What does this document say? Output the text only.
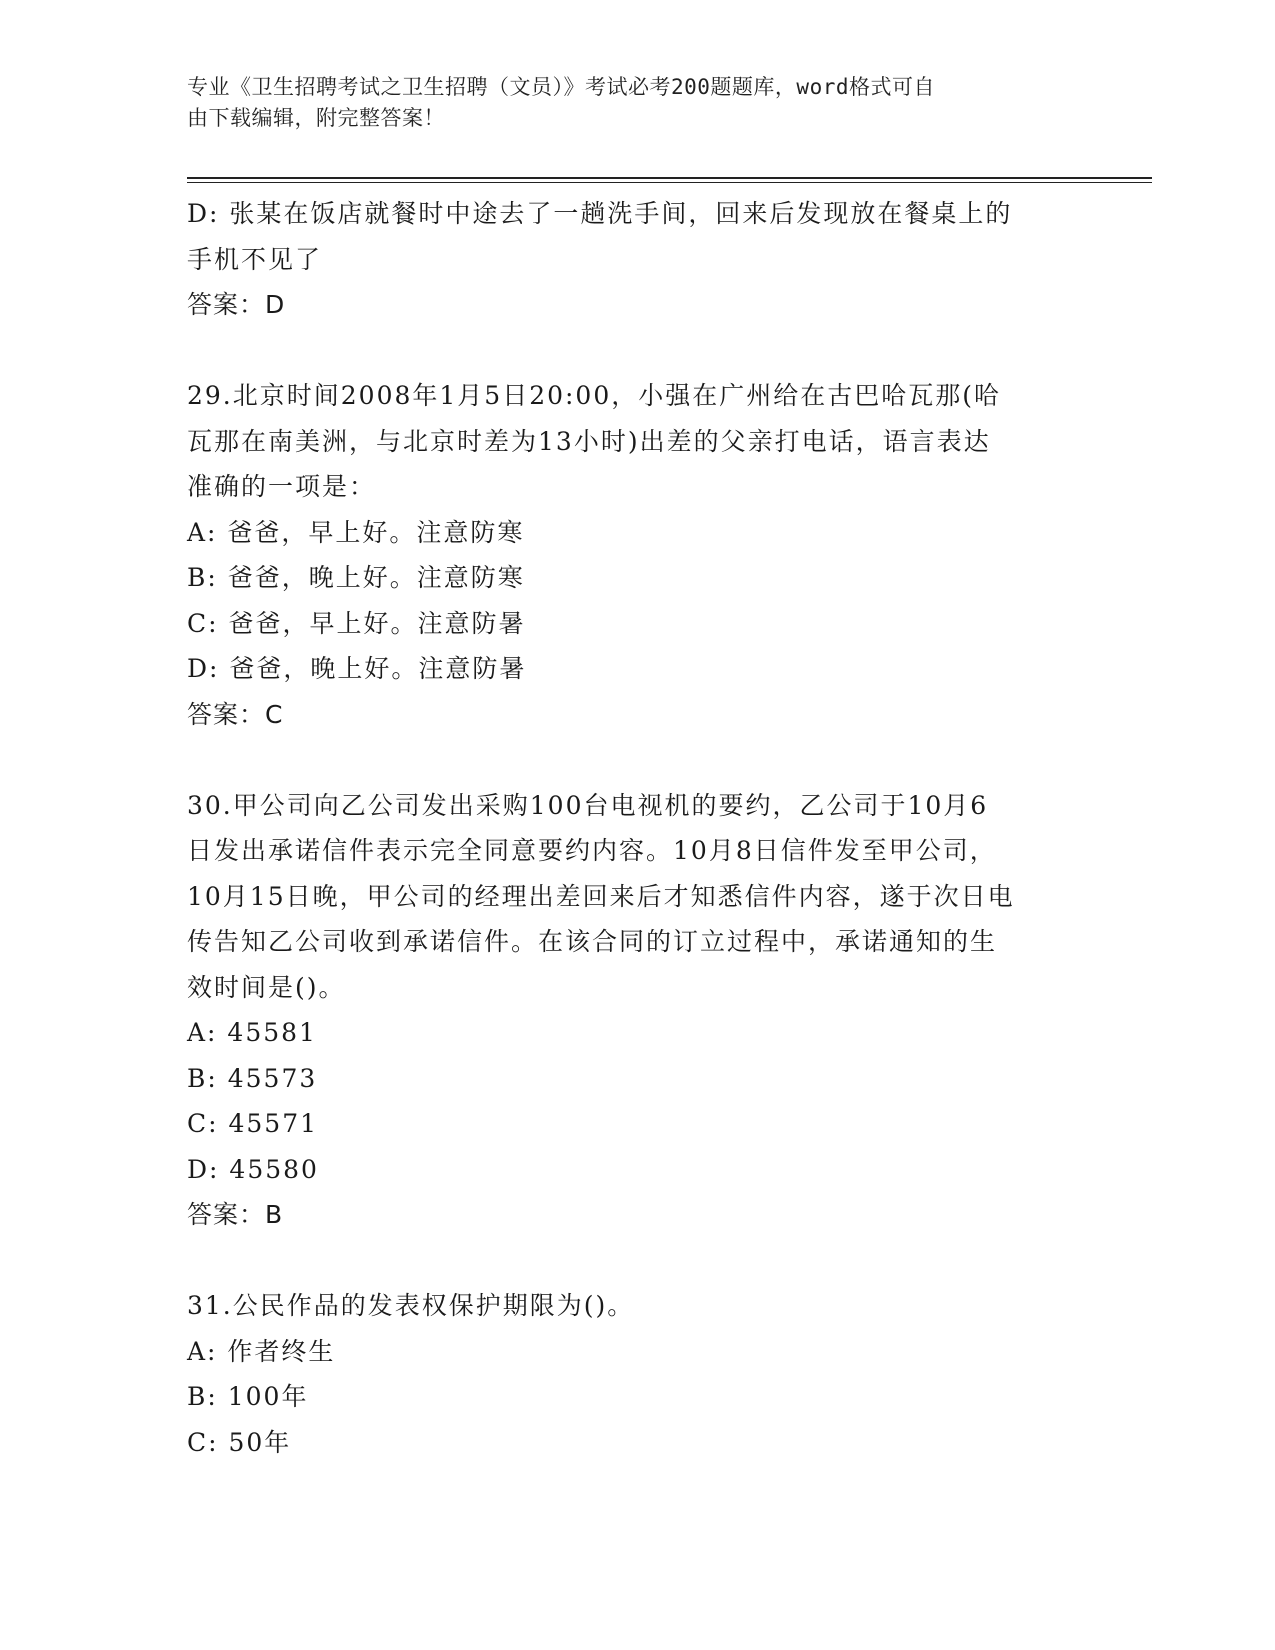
专业《卫生招聘考试之卫生招聘（文员）》考试必考200题题库，word格式可自
由下载编辑，附完整答案！

D: 张某在饭店就餐时中途去了一趟洗手间，回来后发现放在餐桌上的

手机不见了

答案：D

29.北京时间2008年1月5日20:00，小强在广州给在古巴哈瓦那(哈

瓦那在南美洲，与北京时差为13小时)出差的父亲打电话，语言表达

准确的一项是：

A: 爸爸，早上好。注意防寒

B: 爸爸，晚上好。注意防寒

C: 爸爸，早上好。注意防暑

D: 爸爸，晚上好。注意防暑

答案：C

30.甲公司向乙公司发出采购100台电视机的要约，乙公司于10月6

日发出承诺信件表示完全同意要约内容。10月8日信件发至甲公司，

10月15日晚，甲公司的经理出差回来后才知悉信件内容，遂于次日电

传告知乙公司收到承诺信件。在该合同的订立过程中，承诺通知的生

效时间是()。

A: 45581

B: 45573

C: 45571

D: 45580

答案：B

31.公民作品的发表权保护期限为()。

A: 作者终生

B: 100年

C: 50年
